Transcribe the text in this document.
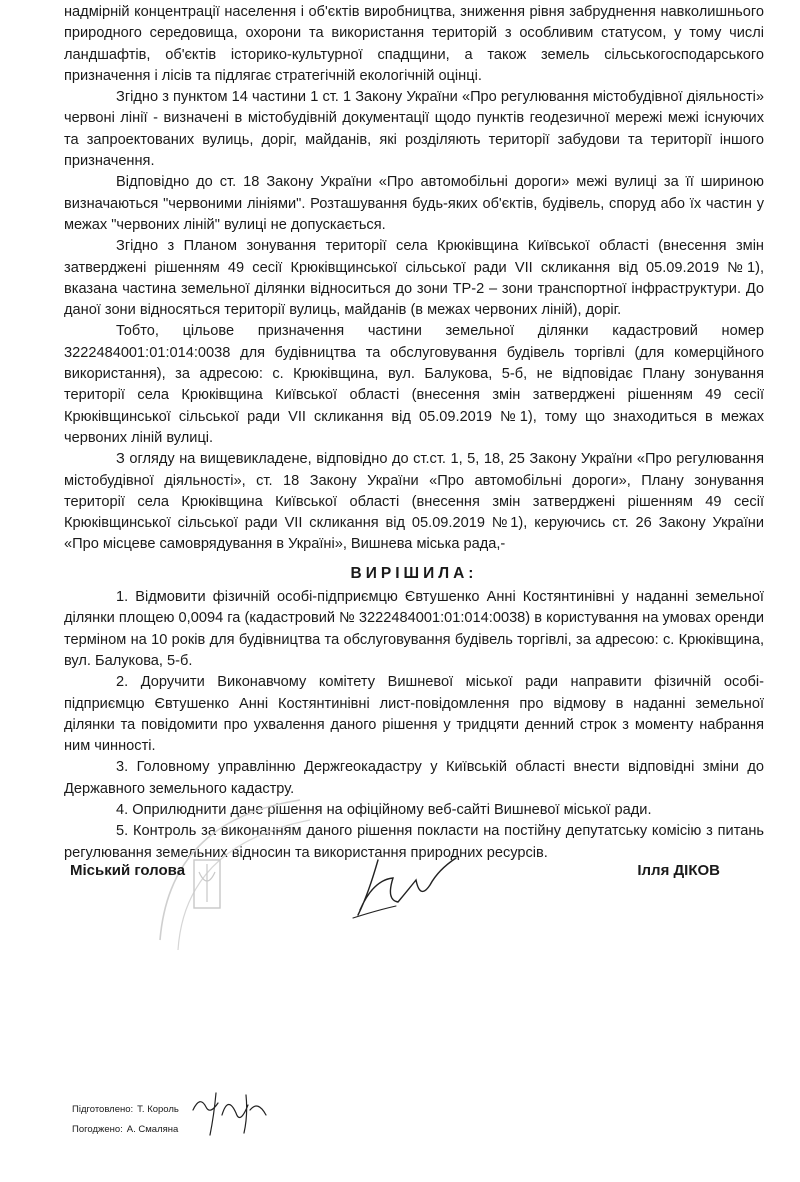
надмірній концентрації населення і об'єктів виробництва, зниження рівня забруднення навколишнього природного середовища, охорони та використання територій з особливим статусом, у тому числі ландшафтів, об'єктів історико-культурної спадщини, а також земель сільськогосподарського призначення і лісів та підлягає стратегічній екологічній оцінці.

Згідно з пунктом 14 частини 1 ст. 1 Закону України «Про регулювання містобудівної діяльності» червоні лінії - визначені в містобудівній документації щодо пунктів геодезичної мережі межі існуючих та запроектованих вулиць, доріг, майданів, які розділяють території забудови та території іншого призначення.

Відповідно до ст. 18 Закону України «Про автомобільні дороги» межі вулиці за її шириною визначаються "червоними лініями". Розташування будь-яких об'єктів, будівель, споруд або їх частин у межах "червоних ліній" вулиці не допускається.

Згідно з Планом зонування території села Крюківщина Київської області (внесення змін затверджені рішенням 49 сесії Крюківщинської сільської ради VII скликання від 05.09.2019 №1), вказана частина земельної ділянки відноситься до зони ТР-2 – зони транспортної інфраструктури. До даної зони відносяться території вулиць, майданів (в межах червоних ліній), доріг.

Тобто, цільове призначення частини земельної ділянки кадастровий номер 3222484001:01:014:0038 для будівництва та обслуговування будівель торгівлі (для комерційного використання), за адресою: с. Крюківщина, вул. Балукова, 5-б, не відповідає Плану зонування території села Крюківщина Київської області (внесення змін затверджені рішенням 49 сесії Крюківщинської сільської ради VII скликання від 05.09.2019 №1), тому що знаходиться в межах червоних ліній вулиці.

З огляду на вищевикладене, відповідно до ст.ст. 1, 5, 18, 25 Закону України «Про регулювання містобудівної діяльності», ст. 18 Закону України «Про автомобільні дороги», Плану зонування території села Крюківщина Київської області (внесення змін затверджені рішенням 49 сесії Крюківщинської сільської ради VII скликання від 05.09.2019 №1), керуючись ст. 26 Закону України «Про місцеве самоврядування в Україні», Вишнева міська рада,-

ВИРІШИЛА:

1. Відмовити фізичній особі-підприємцю Євтушенко Анні Костянтинівні у наданні земельної ділянки площею 0,0094 га (кадастровий № 3222484001:01:014:0038) в користування на умовах оренди терміном на 10 років для будівництва та обслуговування будівель торгівлі, за адресою: с. Крюківщина, вул. Балукова, 5-б.

2. Доручити Виконавчому комітету Вишневої міської ради направити фізичній особі-підприємцю Євтушенко Анні Костянтинівні лист-повідомлення про відмову в наданні земельної ділянки та повідомити про ухвалення даного рішення у тридцяти денний строк з моменту набрання ним чинності.

3. Головному управлінню Держгеокадастру у Київській області внести відповідні зміни до Державного земельного кадастру.

4. Оприлюднити дане рішення на офіційному веб-сайті Вишневої міської ради.

5. Контроль за виконанням даного рішення покласти на постійну депутатську комісію з питань регулювання земельних відносин та використання природних ресурсів.

Міський голова	Ілля ДІКОВ
Підготовлено: Т. Король
Погоджено: А. Смаляна
